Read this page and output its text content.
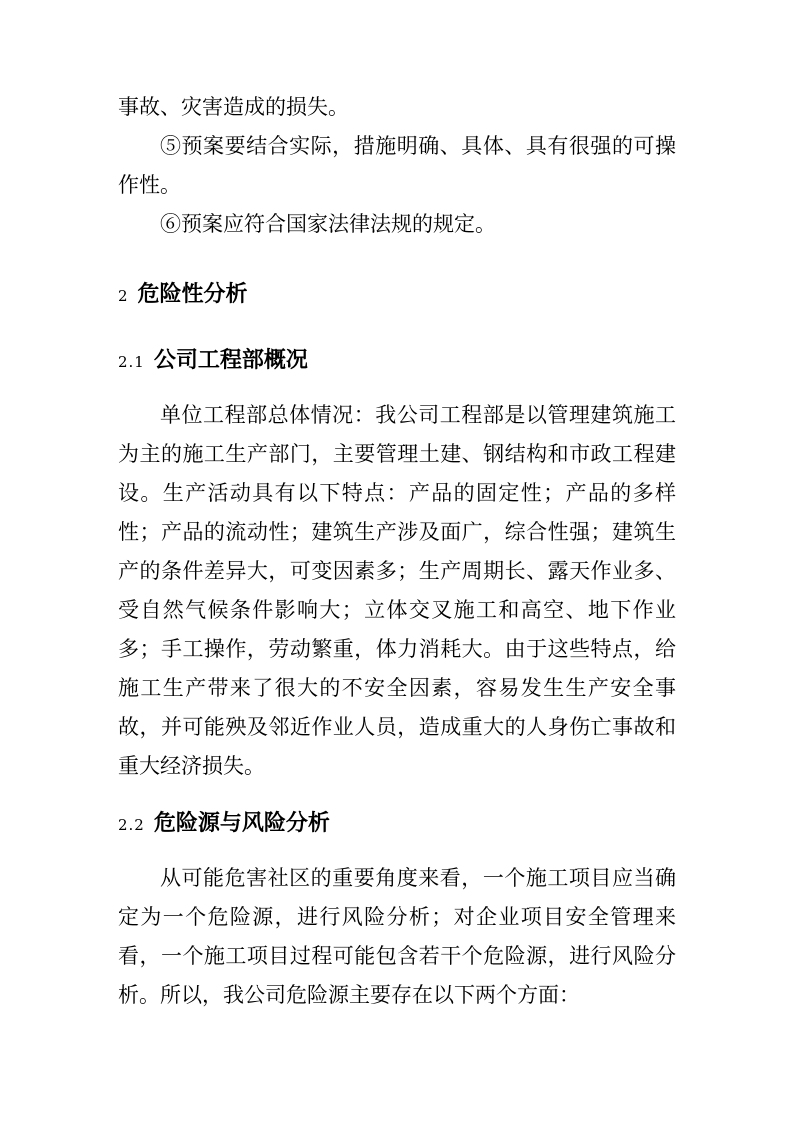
事故、灾害造成的损失。

⑤预案要结合实际，措施明确、具体、具有很强的可操作性。

⑥预案应符合国家法律法规的规定。

2 危险性分析
2.1 公司工程部概况

单位工程部总体情况：我公司工程部是以管理建筑施工为主的施工生产部门，主要管理土建、钢结构和市政工程建设。生产活动具有以下特点：产品的固定性；产品的多样性；产品的流动性；建筑生产涉及面广，综合性强；建筑生产的条件差异大，可变因素多；生产周期长、露天作业多、受自然气候条件影响大；立体交叉施工和高空、地下作业多；手工操作，劳动繁重，体力消耗大。由于这些特点，给施工生产带来了很大的不安全因素，容易发生生产安全事故，并可能殃及邻近作业人员，造成重大的人身伤亡事故和重大经济损失。

2.2 危险源与风险分析

从可能危害社区的重要角度来看，一个施工项目应当确定为一个危险源，进行风险分析；对企业项目安全管理来看，一个施工项目过程可能包含若干个危险源，进行风险分析。所以，我公司危险源主要存在以下两个方面：
